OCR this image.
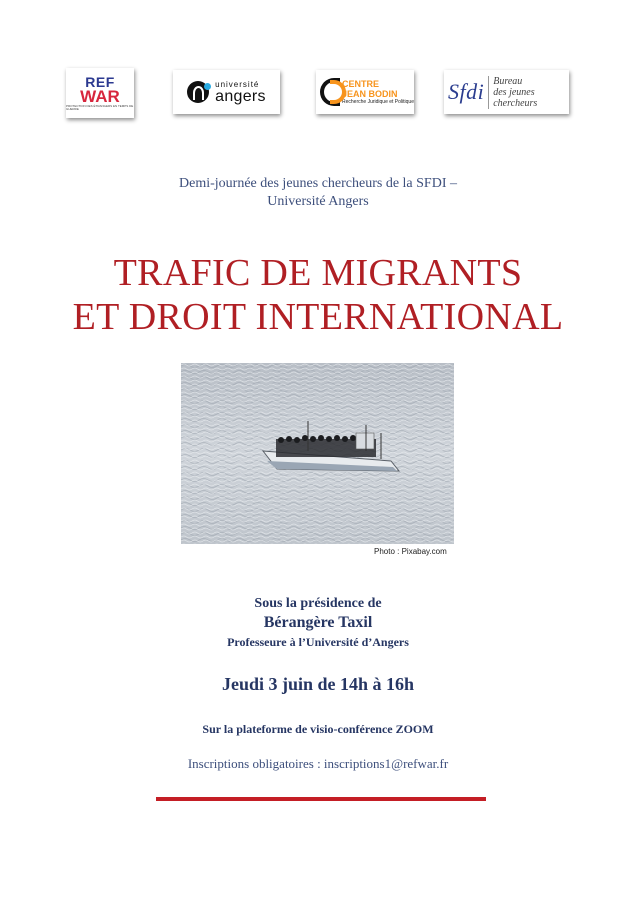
REF
WAR
PROTECTION DES ÉTRANGERS EN TEMPS DE GUERRE
université
angers
CENTRE
JEAN BODIN
Recherche Juridique et Politique Sfdi Bureau
des jeunes chercheurs
Demi-journée des jeunes chercheurs de la SFDI –
Université Angers
TRAFIC DE MIGRANTS
ET DROIT INTERNATIONAL
Photo : Pixabay.com
Sous la présidence de
Bérangère Taxil
Professeure à l’Université d’Angers
Jeudi 3 juin de 14h à 16h
Sur la plateforme de visio-conférence ZOOM
Inscriptions obligatoires : inscriptions1@refwar.fr
